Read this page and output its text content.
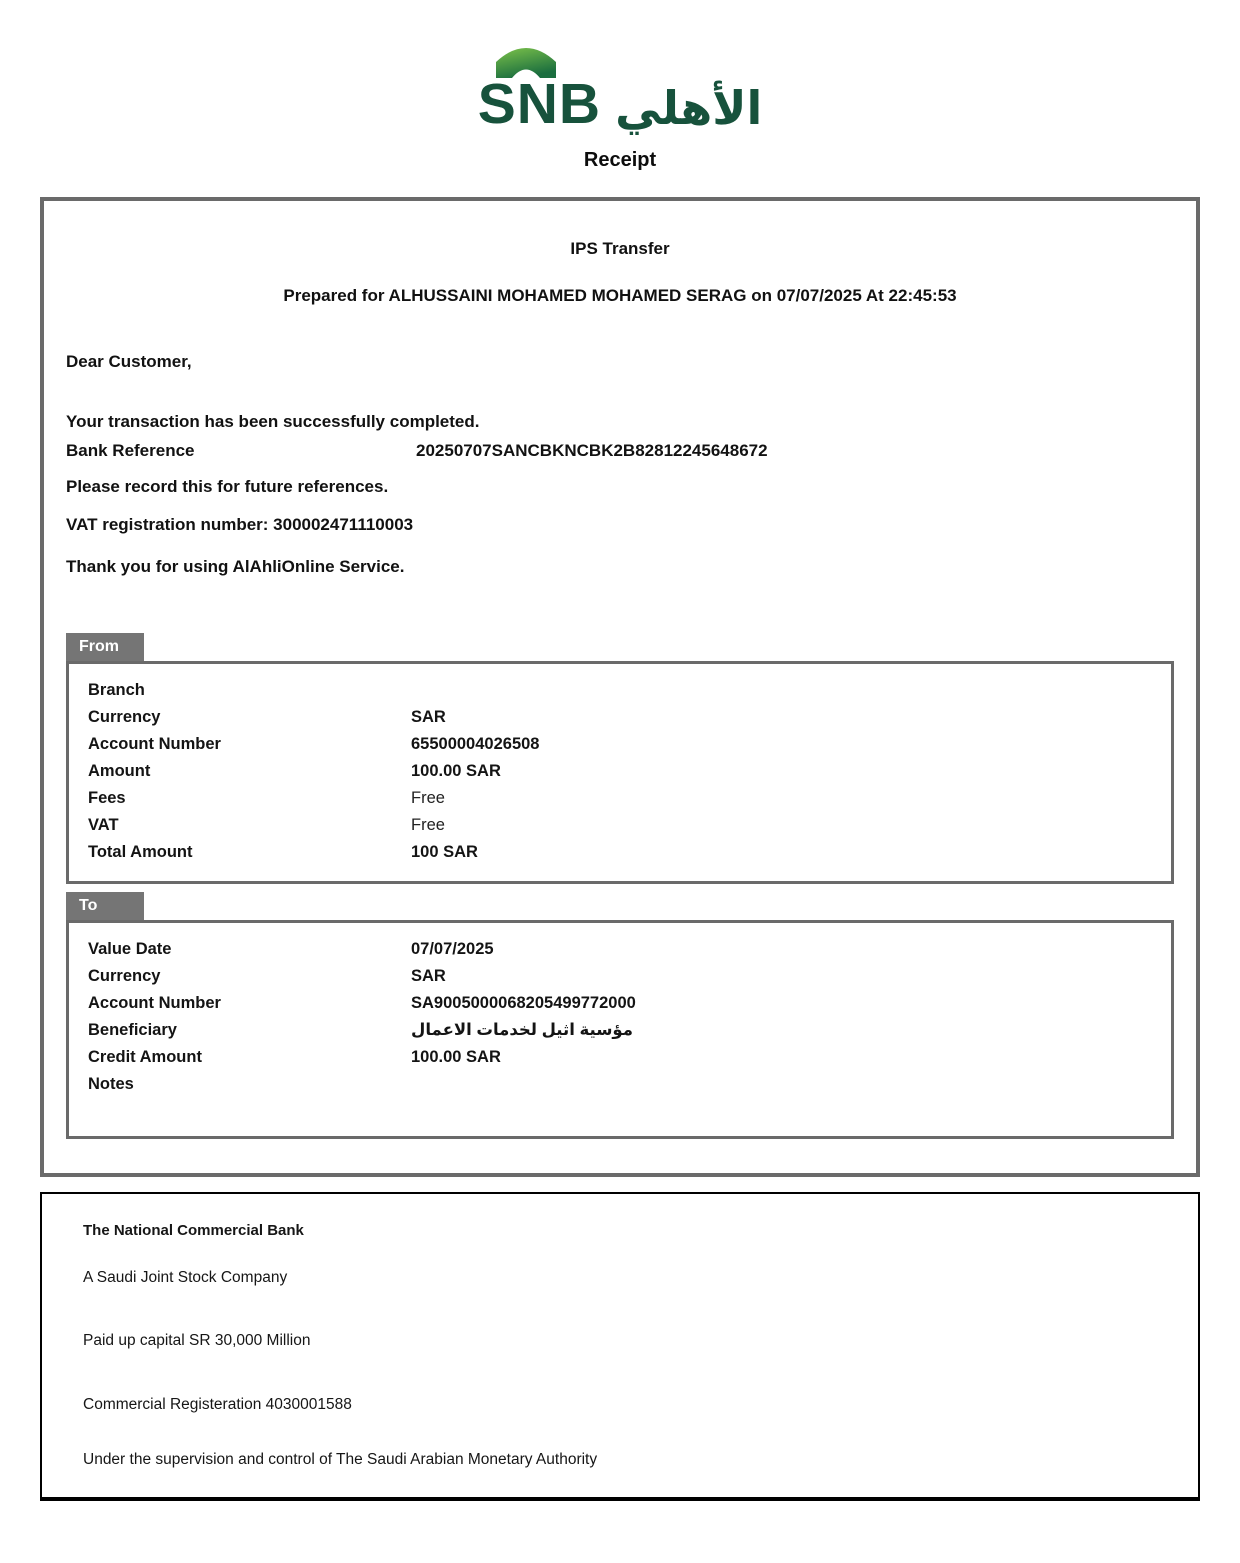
SNB الأهلي
Receipt
IPS Transfer
Prepared for ALHUSSAINI MOHAMED MOHAMED SERAG on 07/07/2025 At 22:45:53
Dear Customer,
Your transaction has been successfully completed.
Bank Reference	20250707SANCBKNCBK2B82812245648672
Please record this for future references.
VAT registration number: 300002471110003
Thank you for using AlAhliOnline Service.
From
Branch
Currency	SAR
Account Number	65500004026508
Amount	100.00 SAR
Fees	Free
VAT	Free
Total Amount	100 SAR
To
Value Date	07/07/2025
Currency	SAR
Account Number	SA9005000068205499772000
Beneficiary	مؤسية اثيل لخدمات الاعمال
Credit Amount	100.00 SAR
Notes
The National Commercial Bank
A Saudi Joint Stock Company
Paid up capital SR 30,000 Million
Commercial Registeration 4030001588
Under the supervision and control of The Saudi Arabian Monetary Authority
